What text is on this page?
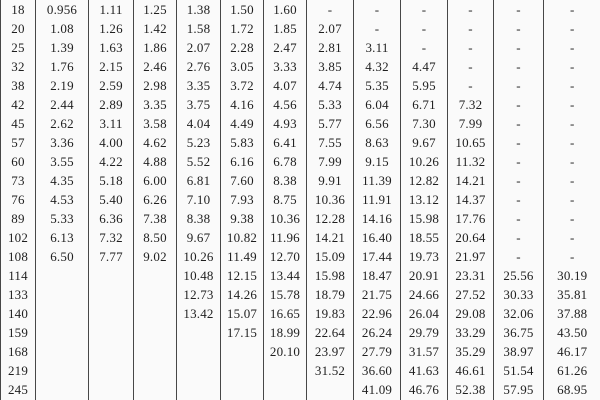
18	0.956	1.11	1.25	1.38	1.50	1.60	-	-	-	-	-	-
20	1.08	1.26	1.42	1.58	1.72	1.85	2.07	-	-	-	-	-
25	1.39	1.63	1.86	2.07	2.28	2.47	2.81	3.11	-	-	-	-
32	1.76	2.15	2.46	2.76	3.05	3.33	3.85	4.32	4.47	-	-	-
38	2.19	2.59	2.98	3.35	3.72	4.07	4.74	5.35	5.95	-	-	-
42	2.44	2.89	3.35	3.75	4.16	4.56	5.33	6.04	6.71	7.32	-	-
45	2.62	3.11	3.58	4.04	4.49	4.93	5.77	6.56	7.30	7.99	-	-
57	3.36	4.00	4.62	5.23	5.83	6.41	7.55	8.63	9.67	10.65	-	-
60	3.55	4.22	4.88	5.52	6.16	6.78	7.99	9.15	10.26	11.32	-	-
73	4.35	5.18	6.00	6.81	7.60	8.38	9.91	11.39	12.82	14.21	-	-
76	4.53	5.40	6.26	7.10	7.93	8.75	10.36	11.91	13.12	14.37	-	-
89	5.33	6.36	7.38	8.38	9.38	10.36	12.28	14.16	15.98	17.76	-	-
102	6.13	7.32	8.50	9.67	10.82	11.96	14.21	16.40	18.55	20.64	-	-
108	6.50	7.77	9.02	10.26	11.49	12.70	15.09	17.44	19.73	21.97	-	-
114				10.48	12.15	13.44	15.98	18.47	20.91	23.31	25.56	30.19
133				12.73	14.26	15.78	18.79	21.75	24.66	27.52	30.33	35.81
140				13.42	15.07	16.65	19.83	22.96	26.04	29.08	32.06	37.88
159					17.15	18.99	22.64	26.24	29.79	33.29	36.75	43.50
168						20.10	23.97	27.79	31.57	35.29	38.97	46.17
219							31.52	36.60	41.63	46.61	51.54	61.26
245								41.09	46.76	52.38	57.95	68.95
